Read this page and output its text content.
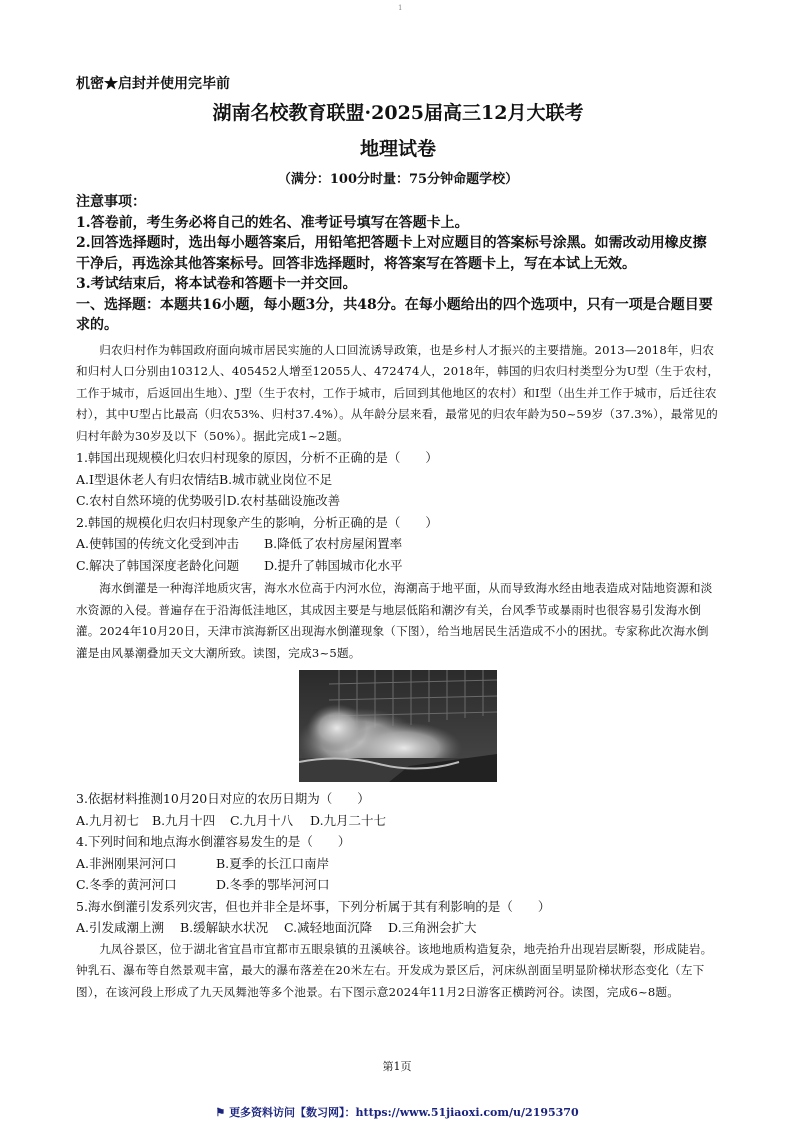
1

机密★启封并使用完毕前

湖南名校教育联盟·2025届高三12月大联考
地理试卷
（满分：100分时量：75分钟命题学校）

注意事项：

1.答卷前，考生务必将自己的姓名、准考证号填写在答题卡上。

2.回答选择题时，选出每小题答案后，用铅笔把答题卡上对应题目的答案标号涂黑。如需改动用橡皮擦干净后，再选涂其他答案标号。回答非选择题时，将答案写在答题卡上，写在本试上无效。

3.考试结束后，将本试卷和答题卡一并交回。

一、选择题：本题共16小题，每小题3分，共48分。在每小题给出的四个选项中，只有一项是合题目要求的。

归农归村作为韩国政府面向城市居民实施的人口回流诱导政策，也是乡村人才振兴的主要措施。2013—2018年，归农和归村人口分别由10312人、405452人增至12055人、472474人，2018年，韩国的归农归村类型分为U型（生于农村，工作于城市，后返回出生地）、J型（生于农村，工作于城市，后回到其他地区的农村）和Ⅰ型（出生并工作于城市，后迁往农村），其中U型占比最高（归农53%、归村37.4%）。从年龄分层来看，最常见的归农年龄为50~59岁（37.3%），最常见的归村年龄为30岁及以下（50%）。据此完成1~2题。

1.韩国出现规模化归农归村现象的原因，分析不正确的是（　　）

A.Ⅰ型退休老人有归农情结B.城市就业岗位不足

C.农村自然环境的优势吸引D.农村基础设施改善

2.韩国的规模化归农归村现象产生的影响，分析正确的是（　　）

A.使韩国的传统文化受到冲击 B.降低了农村房屋闲置率

C.解决了韩国深度老龄化问题 D.提升了韩国城市化水平

海水倒灌是一种海洋地质灾害，海水水位高于内河水位，海潮高于地平面，从而导致海水经由地表造成对陆地资源和淡水资源的入侵。普遍存在于沿海低洼地区，其成因主要是与地层低陷和潮汐有关，台风季节或暴雨时也很容易引发海水倒灌。2024年10月20日，天津市滨海新区出现海水倒灌现象（下图），给当地居民生活造成不小的困扰。专家称此次海水倒灌是由风暴潮叠加天文大潮所致。读图，完成3~5题。

3.依据材料推测10月20日对应的农历日期为（　　）

A.九月初七 B.九月十四 C.九月十八 D.九月二十七

4.下列时间和地点海水倒灌容易发生的是（　　）

A.非洲刚果河河口	B.夏季的长江口南岸

C.冬季的黄河河口	D.冬季的鄂毕河河口

5.海水倒灌引发系列灾害，但也并非全是坏事，下列分析属于其有利影响的是（　　）

A.引发咸潮上溯 B.缓解缺水状况 C.减轻地面沉降 D.三角洲会扩大

九凤谷景区，位于湖北省宜昌市宜都市五眼泉镇的丑溪峡谷。该地地质构造复杂，地壳抬升出现岩层断裂，形成陡岩。钟乳石、瀑布等自然景观丰富，最大的瀑布落差在20米左右。开发成为景区后，河床纵剖面呈明显阶梯状形态变化（左下图），在该河段上形成了九天凤舞池等多个池景。右下图示意2024年11月2日游客正横跨河谷。读图，完成6~8题。

第1页
⚑ 更多资料访问【数习网】：https://www.51jiaoxi.com/u/2195370
